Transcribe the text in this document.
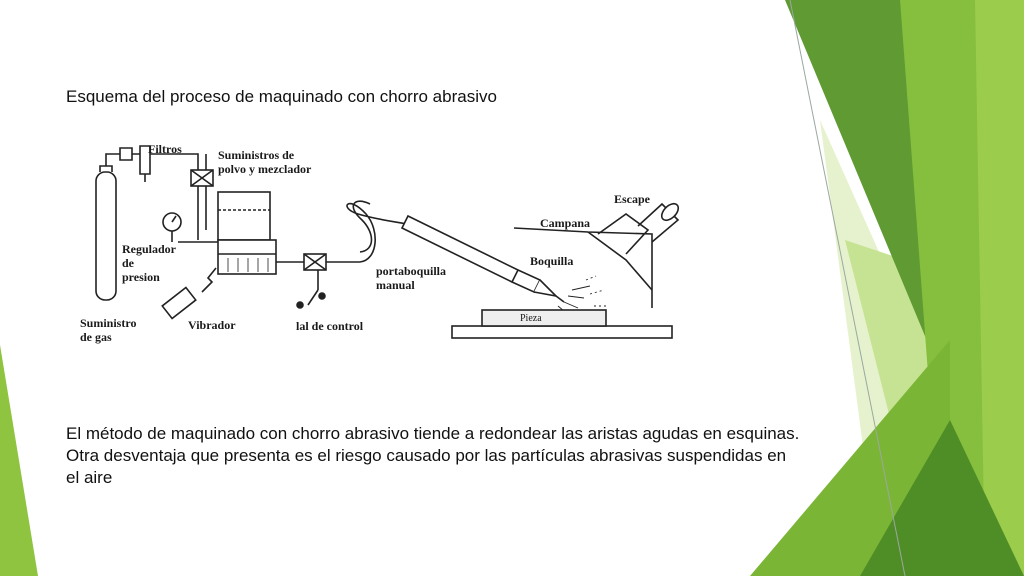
Esquema del proceso de maquinado con chorro abrasivo
Filtros	Suministros de
polvo y mezclador
Regulador
de
presion
Suministro
de gas
Vibrador	lal de control
portaboquilla
manual
Boquilla
Campana
Escape
Pieza

El método de maquinado con chorro abrasivo tiende a redondear las aristas agudas en esquinas.

Otra desventaja que presenta es el riesgo causado por las partículas abrasivas suspendidas en

el aire
